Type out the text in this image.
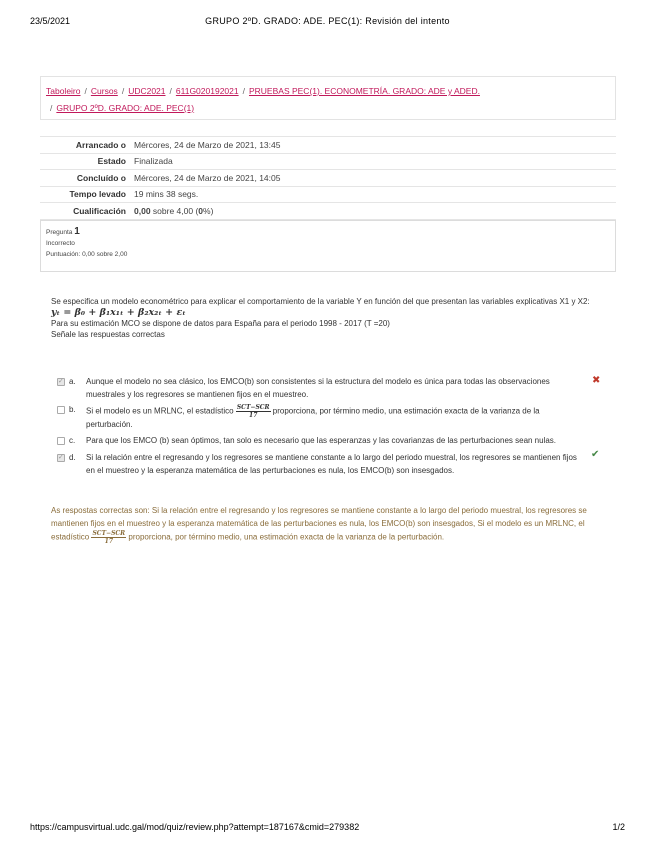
23/5/2021	GRUPO 2ºD. GRADO: ADE. PEC(1): Revisión del intento
Taboleiro / Cursos / UDC2021 / 611G020192021 / PRUEBAS PEC(1). ECONOMETRÍA. GRADO: ADE y ADED.
/ GRUPO 2ºD. GRADO: ADE. PEC(1)
Arrancado o	Mércores, 24 de Marzo de 2021, 13:45
Estado	Finalizada
Concluído o	Mércores, 24 de Marzo de 2021, 14:05
Tempo levado	19 mins 38 segs.
Cualificación	0,00 sobre 4,00 (0%)
Pregunta 1
Incorrecto
Puntuación: 0,00 sobre 2,00
Se especifica un modelo econométrico para explicar el comportamiento de la variable Y en función del que presentan las variables explicativas X1 y X2:
yₜ = β₀ + β₁x₁ₜ + β₂x₂ₜ + εₜ
Para su estimación MCO se dispone de datos para España para el periodo 1998 - 2017 (T =20)
Señale las respuestas correctas
✓
a. Aunque el modelo no sea clásico, los EMCO(b) son consistentes si la estructura del modelo es única para todas las observaciones muestrales y los regresores se mantienen fijos en el muestreo.
✖
b. Si el modelo es un MRLNC, el estadístico $\frac{\text{SCT−SCR}}{17}$ proporciona, por término medio, una estimación exacta de la varianza de la perturbación.
c. Para que los EMCO (b) sean óptimos, tan solo es necesario que las esperanzas y las covarianzas de las perturbaciones sean nulas.
✓
d. Si la relación entre el regresando y los regresores se mantiene constante a lo largo del periodo muestral, los regresores se mantienen fijos en el muestreo y la esperanza matemática de las perturbaciones es nula, los EMCO(b) son insesgados.
✔
As respostas correctas son: Si la relación entre el regresando y los regresores se mantiene constante a lo largo del periodo muestral, los regresores se mantienen fijos en el muestreo y la esperanza matemática de las perturbaciones es nula, los EMCO(b) son insesgados, Si el modelo es un MRLNC, el estadístico $\frac{\text{SCT−SCR}}{17}$ proporciona, por término medio, una estimación exacta de la varianza de la perturbación.
https://campusvirtual.udc.gal/mod/quiz/review.php?attempt=187167&cmid=279382	1/2
